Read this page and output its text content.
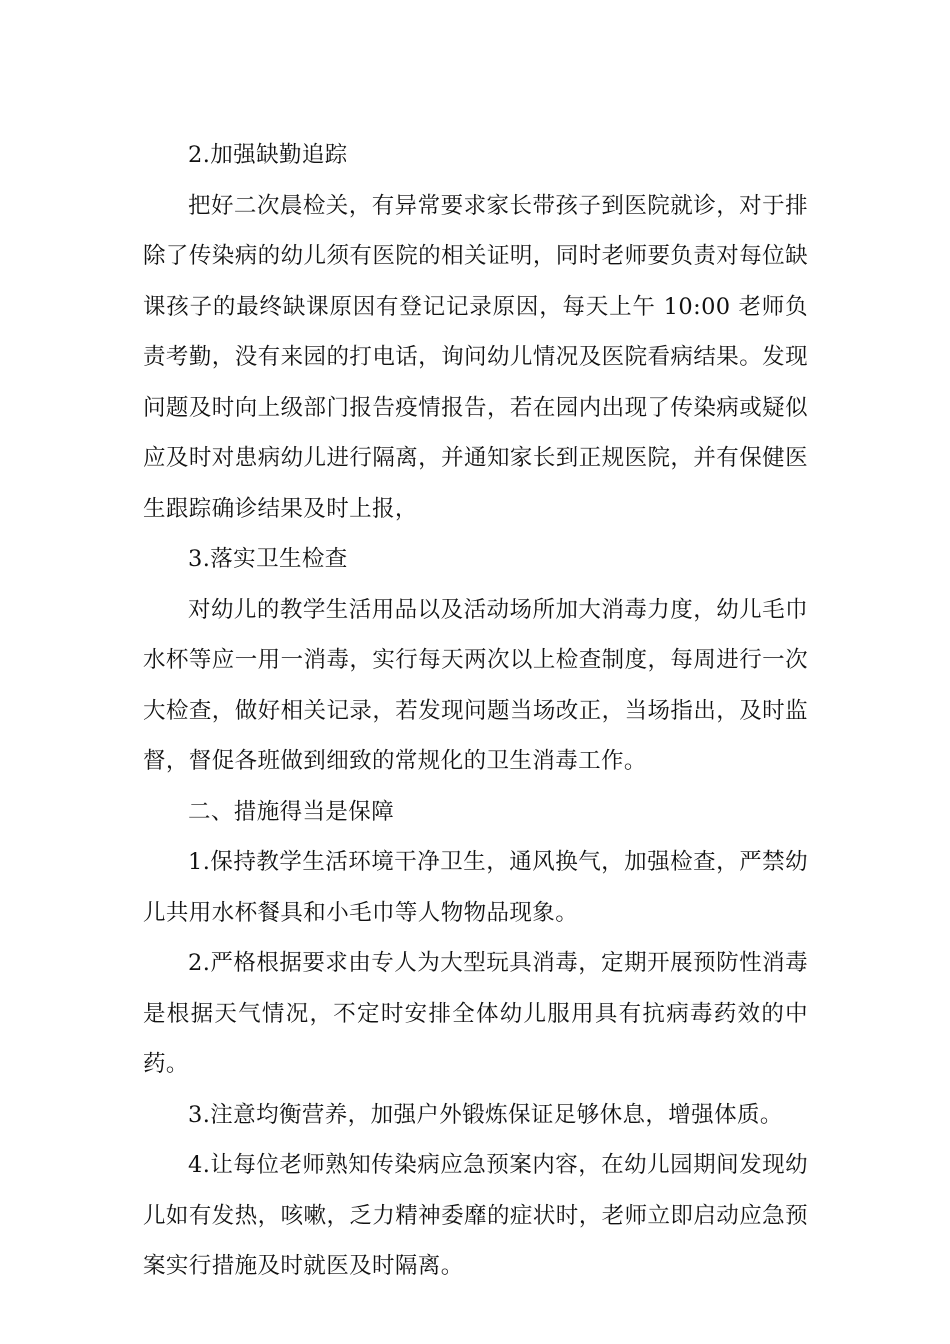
2.加强缺勤追踪

把好二次晨检关，有异常要求家长带孩子到医院就诊，对于排除了传染病的幼儿须有医院的相关证明，同时老师要负责对每位缺课孩子的最终缺课原因有登记记录原因，每天上午 10:00 老师负责考勤，没有来园的打电话，询问幼儿情况及医院看病结果。发现问题及时向上级部门报告疫情报告，若在园内出现了传染病或疑似应及时对患病幼儿进行隔离，并通知家长到正规医院，并有保健医生跟踪确诊结果及时上报，

3.落实卫生检查

对幼儿的教学生活用品以及活动场所加大消毒力度，幼儿毛巾水杯等应一用一消毒，实行每天两次以上检查制度，每周进行一次大检查，做好相关记录，若发现问题当场改正，当场指出，及时监督，督促各班做到细致的常规化的卫生消毒工作。

二、措施得当是保障

1.保持教学生活环境干净卫生，通风换气，加强检查，严禁幼儿共用水杯餐具和小毛巾等人物物品现象。

2.严格根据要求由专人为大型玩具消毒，定期开展预防性消毒是根据天气情况，不定时安排全体幼儿服用具有抗病毒药效的中药。

3.注意均衡营养，加强户外锻炼保证足够休息，增强体质。

4.让每位老师熟知传染病应急预案内容，在幼儿园期间发现幼儿如有发热，咳嗽，乏力精神委靡的症状时，老师立即启动应急预案实行措施及时就医及时隔离。
